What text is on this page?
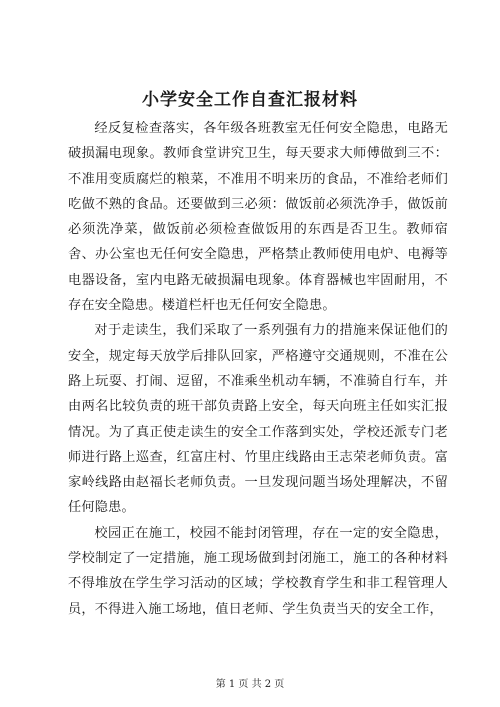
小学安全工作自查汇报材料

经反复检查落实，各年级各班教室无任何安全隐患，电路无破损漏电现象。教师食堂讲究卫生，每天要求大师傅做到三不：不准用变质腐烂的粮菜，不准用不明来历的食品，不准给老师们吃做不熟的食品。还要做到三必须：做饭前必须洗净手，做饭前必须洗净菜，做饭前必须检查做饭用的东西是否卫生。教师宿舍、办公室也无任何安全隐患，严格禁止教师使用电炉、电褥等电器设备，室内电路无破损漏电现象。体育器械也牢固耐用，不存在安全隐患。楼道栏杆也无任何安全隐患。

对于走读生，我们采取了一系列强有力的措施来保证他们的安全，规定每天放学后排队回家，严格遵守交通规则，不准在公路上玩耍、打闹、逗留，不准乘坐机动车辆，不准骑自行车，并由两名比较负责的班干部负责路上安全，每天向班主任如实汇报情况。为了真正使走读生的安全工作落到实处，学校还派专门老师进行路上巡查，红富庄村、竹里庄线路由王志荣老师负责。富家岭线路由赵福长老师负责。一旦发现问题当场处理解决，不留任何隐患。

校园正在施工，校园不能封闭管理，存在一定的安全隐患，学校制定了一定措施，施工现场做到封闭施工，施工的各种材料不得堆放在学生学习活动的区域；学校教育学生和非工程管理人员，不得进入施工场地，值日老师、学生负责当天的安全工作，

第 1 页 共 2 页
